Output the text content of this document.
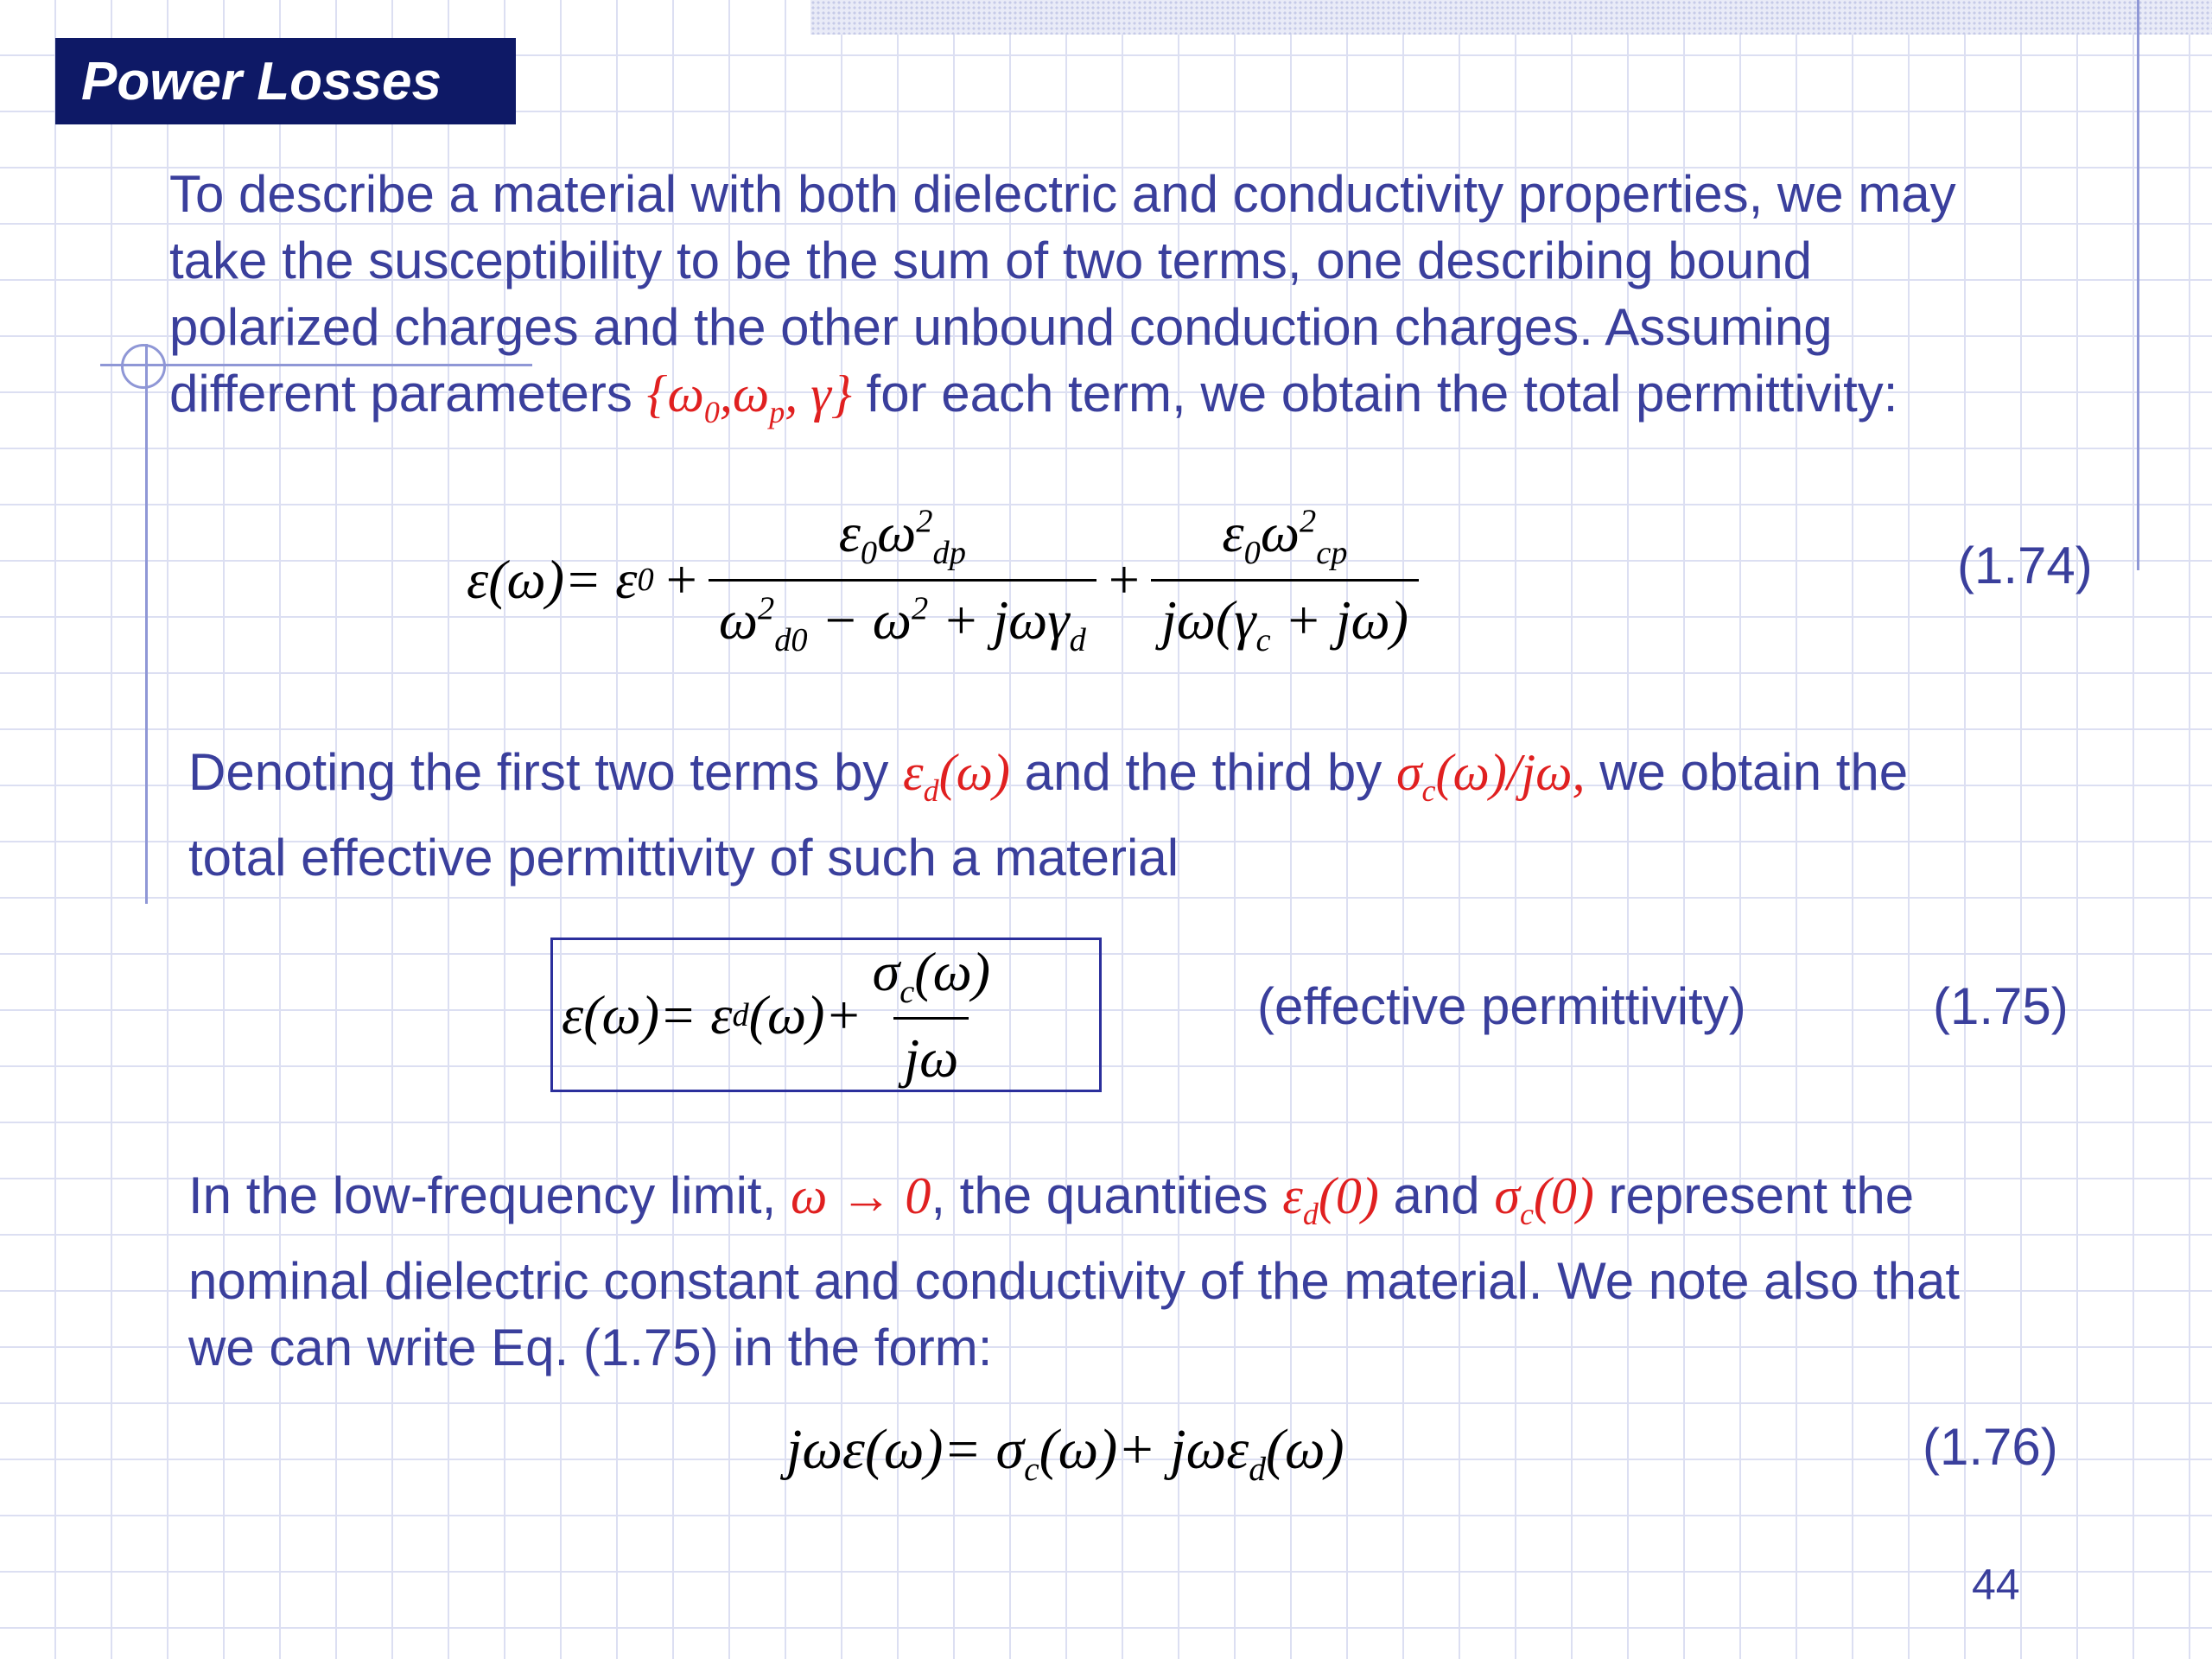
Power Losses
To describe a material with both dielectric and conductivity properties, we may
take the susceptibility to be the sum of two terms, one describing bound
polarized charges and the other unbound conduction charges. Assuming
different parameters {$\omega_0,\omega_p$, γ} for each term, we obtain the total permittivity:
ε(ω)= ε $0 + \frac{\varepsilon_0\omega^2_{dp}}{\omega^2_{d0} - \omega^2 + j\omega\gamma_d} + \frac{\varepsilon_0\omega^2_{cp}}{j\omega(\gamma_c + j\omega)}$	(1.74)
Denoting the first two terms by $\varepsilon_d(\omega)$ and the third by $\sigma_c(\omega)/j\omega$, we obtain the
total effective permittivity of such a material
ε(ω)= ε d $(\omega)+ \frac{\sigma_c(\omega)}{j\omega}$	(effective permittivity)	(1.75)
In the low-frequency limit, ω → 0, the quantities $\varepsilon_d(0)$ and $\sigma_c(0)$ represent the
nominal dielectric constant and conductivity of the material. We note also that
we can write Eq. (1.75) in the form:
$j\omega\varepsilon(\omega)= \sigma_c(\omega)+ j\omega\varepsilon_d(\omega)$	(1.76)
44
